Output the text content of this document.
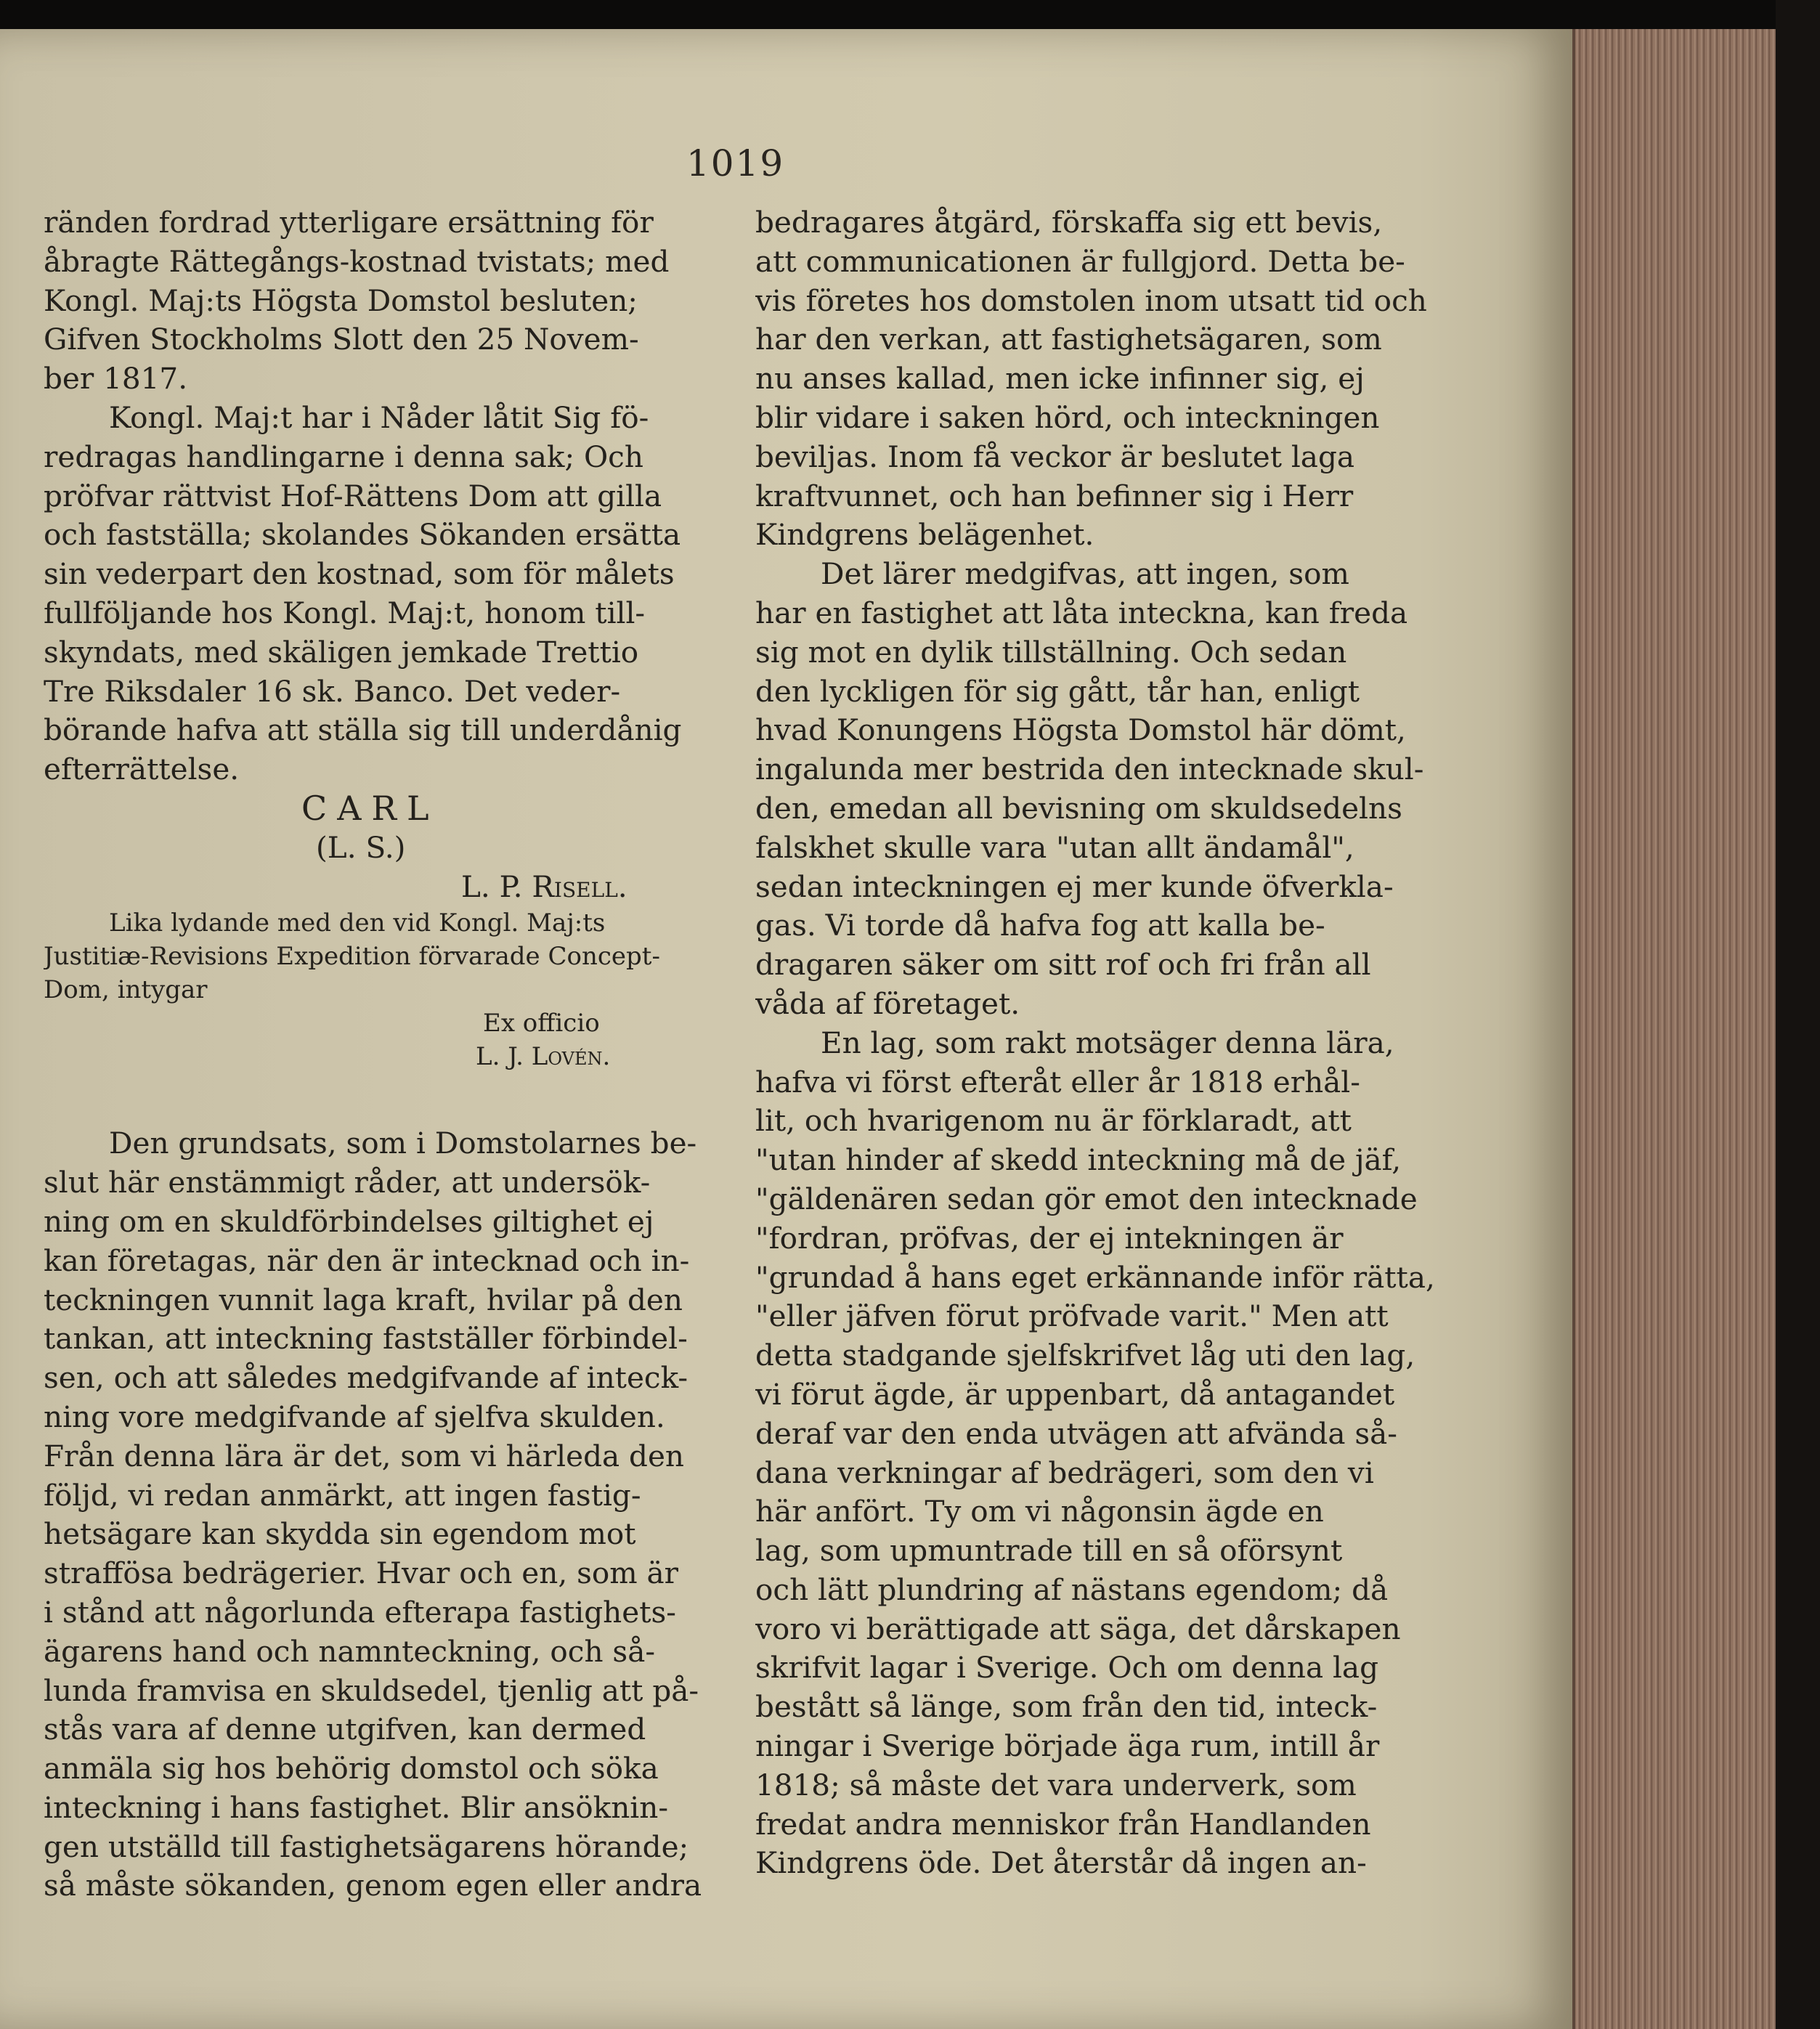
1019
ränden fordrad ytterligare ersättning för
åbragte Rättegångs-kostnad tvistats; med
Kongl. Maj:ts Högsta Domstol besluten;
Gifven Stockholms Slott den 25 Novem-
ber 1817.
Kongl. Maj:t har i Nåder låtit Sig fö-
redragas handlingarne i denna sak; Och
pröfvar rättvist Hof-Rättens Dom att gilla
och fastställa; skolandes Sökanden ersätta
sin vederpart den kostnad, som för målets
fullföljande hos Kongl. Maj:t, honom till-
skyndats, med skäligen jemkade Trettio
Tre Riksdaler 16 sk. Banco. Det veder-
börande hafva att ställa sig till underdånig
efterrättelse.
CARL
(L. S.)
L. P. Risell.
Lika lydande med den vid Kongl. Maj:ts
Justitiæ-Revisions Expedition förvarade Concept-
Dom, intygar
Ex officio
L. J. Lovén.
Den grundsats, som i Domstolarnes be-
slut här enstämmigt råder, att undersök-
ning om en skuldförbindelses giltighet ej
kan företagas, när den är intecknad och in-
teckningen vunnit laga kraft, hvilar på den
tankan, att inteckning fastställer förbindel-
sen, och att således medgifvande af inteck-
ning vore medgifvande af sjelfva skulden.
Från denna lära är det, som vi härleda den
följd, vi redan anmärkt, att ingen fastig-
hetsägare kan skydda sin egendom mot
straffösa bedrägerier. Hvar och en, som är
i stånd att någorlunda efterapa fastighets-
ägarens hand och namnteckning, och så-
lunda framvisa en skuldsedel, tjenlig att på-
stås vara af denne utgifven, kan dermed
anmäla sig hos behörig domstol och söka
inteckning i hans fastighet. Blir ansöknin-
gen utställd till fastighetsägarens hörande;
så måste sökanden, genom egen eller andra
bedragares åtgärd, förskaffa sig ett bevis,
att communicationen är fullgjord. Detta be-
vis företes hos domstolen inom utsatt tid och
har den verkan, att fastighetsägaren, som
nu anses kallad, men icke infinner sig, ej
blir vidare i saken hörd, och inteckningen
beviljas. Inom få veckor är beslutet laga
kraftvunnet, och han befinner sig i Herr
Kindgrens belägenhet.
Det lärer medgifvas, att ingen, som
har en fastighet att låta inteckna, kan freda
sig mot en dylik tillställning. Och sedan
den lyckligen för sig gått, tår han, enligt
hvad Konungens Högsta Domstol här dömt,
ingalunda mer bestrida den intecknade skul-
den, emedan all bevisning om skuldsedelns
falskhet skulle vara "utan allt ändamål",
sedan inteckningen ej mer kunde öfverkla-
gas. Vi torde då hafva fog att kalla be-
dragaren säker om sitt rof och fri från all
våda af företaget.
En lag, som rakt motsäger denna lära,
hafva vi först efteråt eller år 1818 erhål-
lit, och hvarigenom nu är förklaradt, att
"utan hinder af skedd inteckning må de jäf,
"gäldenären sedan gör emot den intecknade
"fordran, pröfvas, der ej intekningen är
"grundad å hans eget erkännande inför rätta,
"eller jäfven förut pröfvade varit." Men att
detta stadgande sjelfskrifvet låg uti den lag,
vi förut ägde, är uppenbart, då antagandet
deraf var den enda utvägen att afvända så-
dana verkningar af bedrägeri, som den vi
här anfört. Ty om vi någonsin ägde en
lag, som upmuntrade till en så oförsynt
och lätt plundring af nästans egendom; då
voro vi berättigade att säga, det dårskapen
skrifvit lagar i Sverige. Och om denna lag
bestått så länge, som från den tid, inteck-
ningar i Sverige började äga rum, intill år
1818; så måste det vara underverk, som
fredat andra menniskor från Handlanden
Kindgrens öde. Det återstår då ingen an-
